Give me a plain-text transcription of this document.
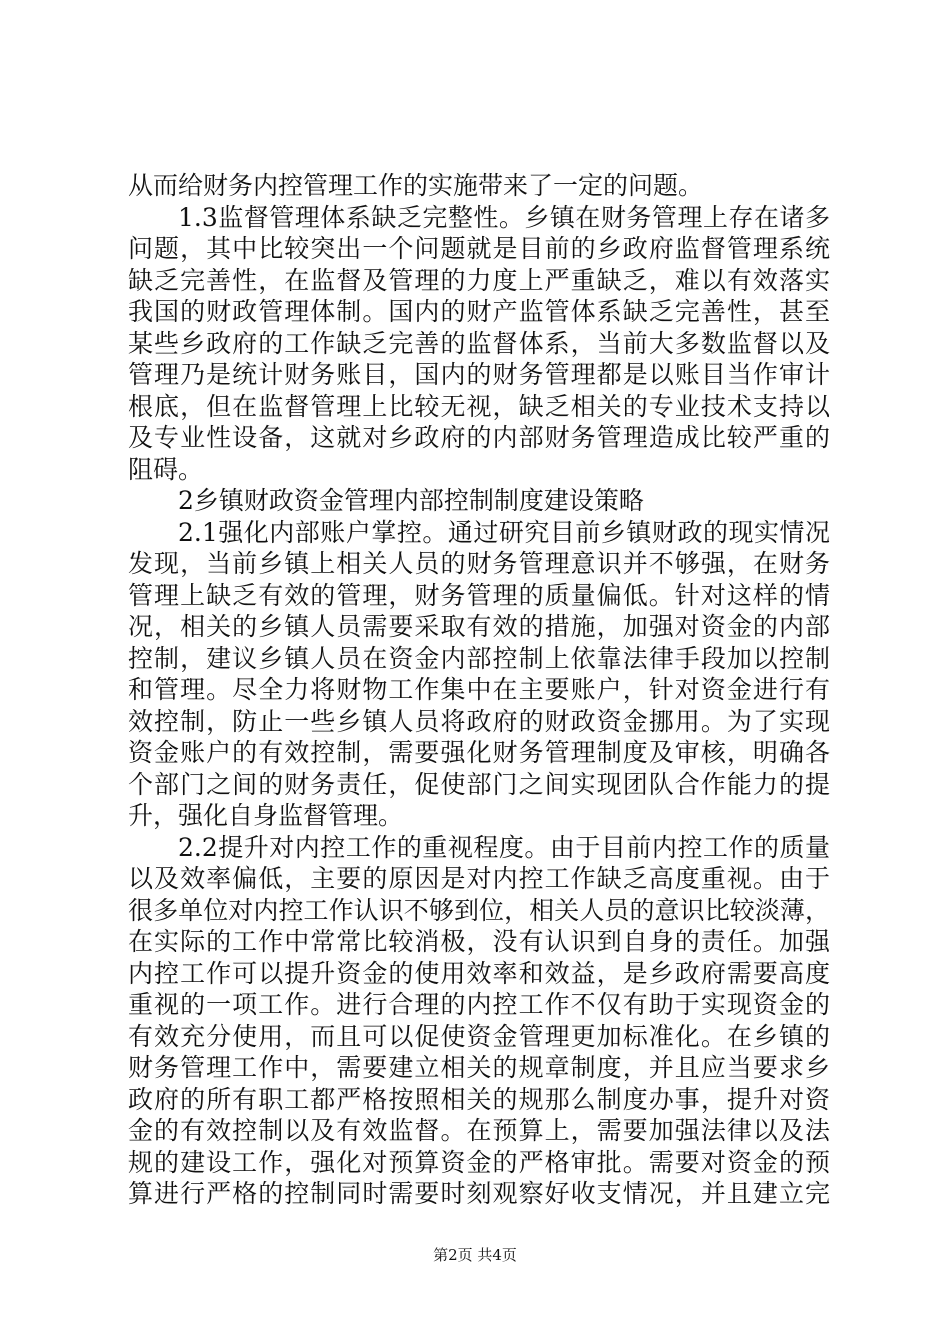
从而给财务内控管理工作的实施带来了一定的问题。
1.3监督管理体系缺乏完整性。乡镇在财务管理上存在诸多
问题，其中比较突出一个问题就是目前的乡政府监督管理系统
缺乏完善性，在监督及管理的力度上严重缺乏，难以有效落实
我国的财政管理体制。国内的财产监管体系缺乏完善性，甚至
某些乡政府的工作缺乏完善的监督体系，当前大多数监督以及
管理乃是统计财务账目，国内的财务管理都是以账目当作审计
根底，但在监督管理上比较无视，缺乏相关的专业技术支持以
及专业性设备，这就对乡政府的内部财务管理造成比较严重的
阻碍。
2乡镇财政资金管理内部控制制度建设策略
2.1强化内部账户掌控。通过研究目前乡镇财政的现实情况
发现，当前乡镇上相关人员的财务管理意识并不够强，在财务
管理上缺乏有效的管理，财务管理的质量偏低。针对这样的情
况，相关的乡镇人员需要采取有效的措施，加强对资金的内部
控制，建议乡镇人员在资金内部控制上依靠法律手段加以控制
和管理。尽全力将财物工作集中在主要账户，针对资金进行有
效控制，防止一些乡镇人员将政府的财政资金挪用。为了实现
资金账户的有效控制，需要强化财务管理制度及审核，明确各
个部门之间的财务责任，促使部门之间实现团队合作能力的提
升，强化自身监督管理。
2.2提升对内控工作的重视程度。由于目前内控工作的质量
以及效率偏低，主要的原因是对内控工作缺乏高度重视。由于
很多单位对内控工作认识不够到位，相关人员的意识比较淡薄，
在实际的工作中常常比较消极，没有认识到自身的责任。加强
内控工作可以提升资金的使用效率和效益，是乡政府需要高度
重视的一项工作。进行合理的内控工作不仅有助于实现资金的
有效充分使用，而且可以促使资金管理更加标准化。在乡镇的
财务管理工作中，需要建立相关的规章制度，并且应当要求乡
政府的所有职工都严格按照相关的规那么制度办事，提升对资
金的有效控制以及有效监督。在预算上，需要加强法律以及法
规的建设工作，强化对预算资金的严格审批。需要对资金的预
算进行严格的控制同时需要时刻观察好收支情况，并且建立完
第2页 共4页
